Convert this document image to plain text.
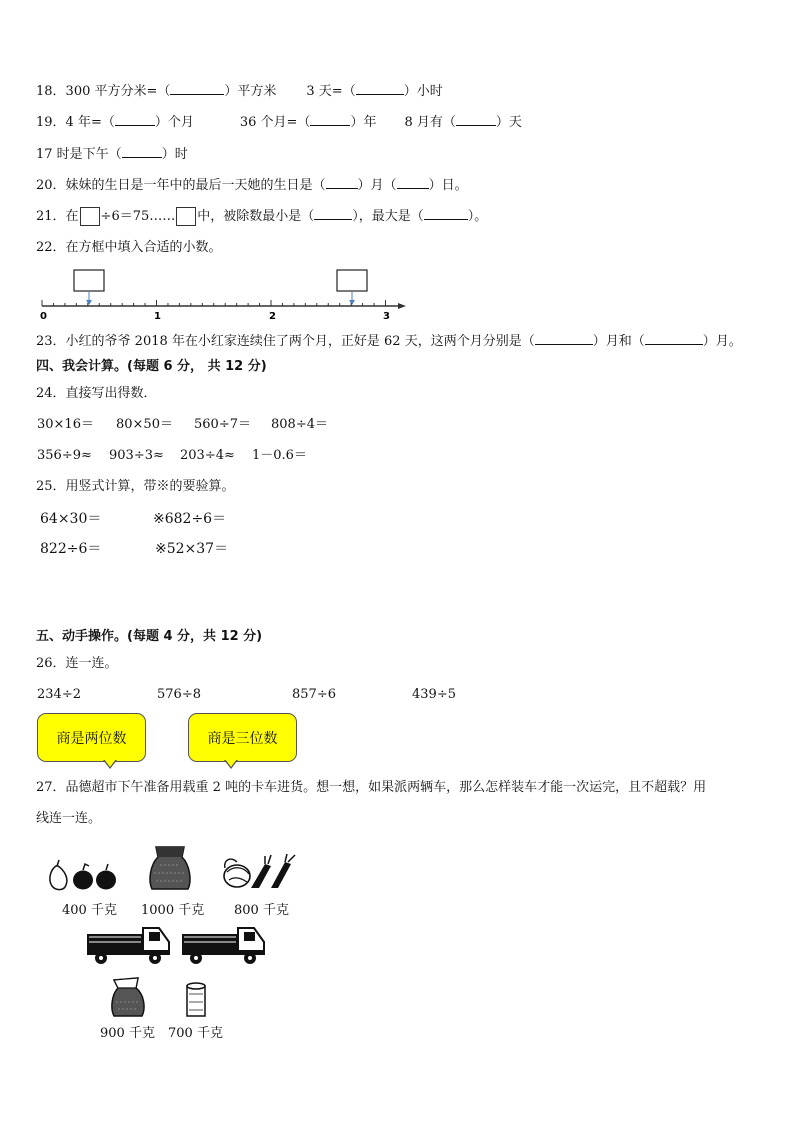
18．300 平方分米=（	）平方米 3 天=（	）小时
19．4 年=（	）个月	36 个月=（	）年 8 月有（	）天
17 时是下午（	）时
20．妹妹的生日是一年中的最后一天她的生日是（ ）月（ ）日。
21．在 ÷6＝75…… 中，被除数最小是（	），最大是（	）。
22．在方框中填入合适的小数。
0	1	2	3
23．小红的爷爷 2018 年在小红家连续住了两个月，正好是 62 天，这两个月分别是（	）月和（	）月。
四、我会计算。(每题 6 分， 共 12 分)
24．直接写出得数．
30×16＝ 80×50＝ 560÷7＝ 808÷4＝
356÷9≈ 903÷3≈ 203÷4≈ 1－0.6＝
25．用竖式计算，带※的要验算。
64×30＝	※682÷6＝
822÷6＝	※52×37＝
五、动手操作。(每题 4 分，共 12 分)
26．连一连。
234÷2	576÷8	857÷6	439÷5
商是两位数	商是三位数
27．品德超市下午准备用载重 2 吨的卡车进货。想一想，如果派两辆车，那么怎样装车才能一次运完，且不超载？用
线连一连。
400 千克 1000 千克 800 千克
900 千克 700 千克
